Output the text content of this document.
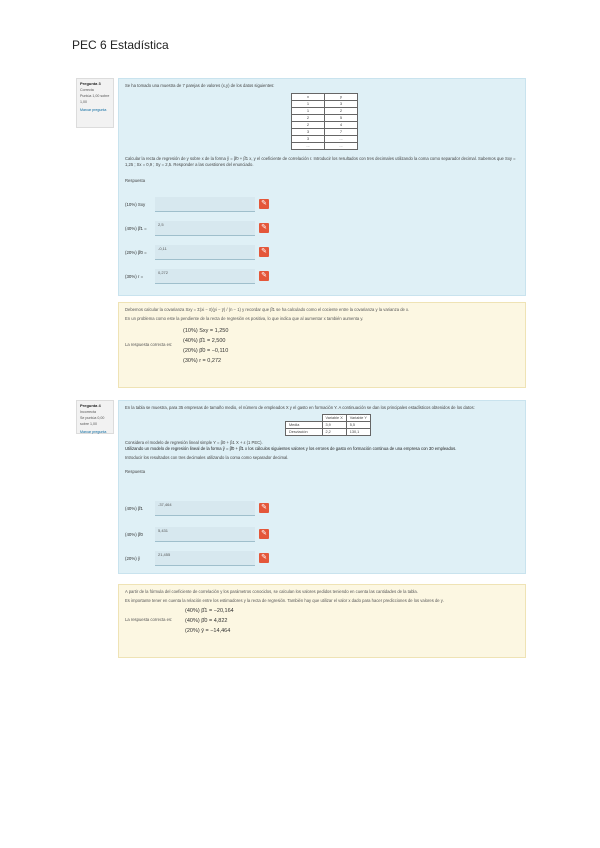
PEC 6 Estadística
Pregunta 3
Correcta
Puntúa 1,00 sobre 1,00
Marcar pregunta
Se ha tomado una muestra de 7 parejas de valores (x,y) de los datos siguientes:
x	y
1	3
1	2
2	5
2	4
3	7
3	...
...	...
Calcular la recta de regresión de y sobre x de la forma ŷ = β̂0 + β̂1 x, y el coeficiente de correlación r. Introducir los resultados con tres decimales utilizando la coma como separador decimal. Sabemos que Sxy = 1,25 ; Sx = 0,9 ; Sy = 2,5. Responder a las cuestiones del enunciado.
Respuesta
(10%) Sxy	✎
(40%) β̂1 =
2,5	✎
(20%) β̂0 =
-0,11	✎
(30%) r =
0,272	✎
Debemos calcular la covarianza Sxy = Σ(xi − x̄)(yi − ȳ) / (n − 1) y recordar que β̂1 se ha calculado como el cociente entre la covarianza y la varianza de x.
En un problema como este la pendiente de la recta de regresión es positiva, lo que indica que al aumentar x también aumenta y.
La respuesta correcta es:
(10%) Sxy = 1,250
(40%) β̂1 = 2,500
(20%) β̂0 = −0,110
(30%) r = 0,272
Pregunta 4
Incorrecta
Se puntúa 0,00 sobre 1,00
Marcar pregunta
En la tabla se muestra, para 35 empresas de tamaño medio, el número de empleados X y el gasto en formación Y. A continuación se dan los principales estadísticos obtenidos de los datos:
	Variable X	Variable Y
Media	3,9	5,5
Desviación	2,2	130,1
Considera el modelo de regresión lineal simple Y = β0 + β1 X + ε (1 PEC).
Utilizando un modelo de regresión lineal de la forma ŷ = β̂0 + β̂1 x los cálculos siguientes valores y los errores de gasto en formación continua de una empresa con 30 empleados.
Introducir los resultados con tres decimales utilizando la coma como separador decimal.
Respuesta
(40%) β̂1
-37,464	✎
(40%) β̂0
5,431	✎
(20%) ŷ
21,455	✎
A partir de la fórmula del coeficiente de correlación y los parámetros conocidos, se calculan los valores pedidos teniendo en cuenta las cantidades de la tabla.
Es importante tener en cuenta la relación entre los estimadores y la recta de regresión. También hay que utilizar el valor x dado para hacer predicciones de los valores de y.
La respuesta correcta es:
(40%) β̂1 = −20,164
(40%) β̂0 = 4,822
(20%) ŷ = −14,464
